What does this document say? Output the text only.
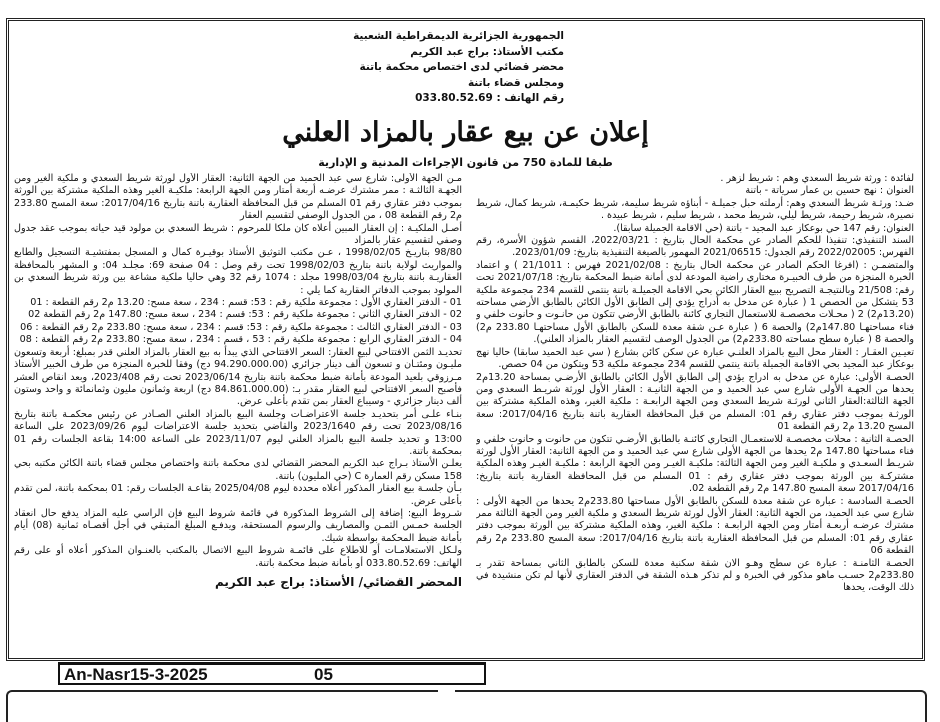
الجمهورية الجزائرية الديمقراطية الشعبية
مكتب الأستاذ: براج عبد الكريم
محضر قضائي لدى اختصاص محكمة باتنة
ومجلس قضاء باتنة
رقم الهاتف : 033.80.52.69
إعلان عن بيع عقار بالمزاد العلني
طبقا للمادة 750 من قانون الإجراءات المدنية و الإدارية

لفائدة : ورثة شريط السعدي وهم : شريط لزهر .

العنوان : نهج حسين بن عمار سرياتة - باتنة

ضـد: ورثـة شريط السعدي وهم: أرملته حبل جميلـة - أبناؤه شريط سليمة، شريط حكيمـة، شريط كمال، شريط نصيرة، شريط رحيمة، شريط ليلي، شريط محمد ، شريط سليم ، شريط عبيدة .

العنوان: رقم 147 حي بوعكاز عبد المجيد - باتنة (حي الاقامة الجميلة سابقا).

السند التنفيذي: تنفيذا للحكم الصادر عن محكمة الحال بتاريخ : 2022/03/21، القسم شؤون الأسرة، رقم الفهرس: 2022/02005 رقم الجدول: 2021/06515 المهمور بالصيغة التنفيذية بتاريخ: 2023/01/09.

والمتضمـن : (افرغا الحكم الصادر عن محكمة الحال بتاريخ : 2021/02/08 فهرس : 21/1011 ) و اعتماد الخبرة المنجزة من طرف الخبيـرة مختاري راضية المودعة لدى أمانة ضبط المحكمة بتاريخ: 2021/07/18 تحت رقم: 21/508 وبالنتيجـة التصريح ببيع العقار الكائن بحي الاقامة الجميلـة باتنة ينتمي للقسم 234 مجموعة ملكية 53 يتشكل من الحصص 1 ( عبارة عن مدخل به أدراج يؤدي إلى الطابق الأول الكائن بالطابق الأرضي مساحته (13.20م2) 2 ( محـلات مخصصـة للاستعمال التجاري كائنة بالطابق الأرضي تتكون من حانـوت و حانوت خلفي و فناء مساحتهـا 147.80م2) والحصة 6 ( عبارة عـن شقة معدة للسكن بالطابق الأول مساحتهـا 233.80 م2) والحصة 8 ( عبارة سطح مساحته 233.80م2) من الجدول الوصف لتقسيم العقار بالمزاد العلني).

تعيـين العقـار : العقار محل البيع بالمزاد العلنـي عبارة عن سكن كائن بشارع ( سي عبد الحميد سابقا) حاليا نهج بوعكاز عبد المجيد بحي الاقامة الجميلة باتنة ينتمي للقسم 234 مجموعة ملكية 53 ويتكون من 04 حصص.

الحصـة الأولى: عبارة عن مدخل به ادراج يؤدي إلى الطابق الأول الكائن بالطابق الأرضـي بمساحة 13.20م2 يحدها من الجهـة الأولى شارع سي عبد الحميد و من الجهة الثانيـة : العقار الأول لورثة شريـط السعدي ومن الجهة الثالثة:العقار الثاني لورثـة شريط السعدي ومن الجهة الرابعـة : ملكية الغير، وهذه الملكية مشتركة بين الورثـة بموجب دفتر عقاري رقم 01: المسلم من قبل المحافظة العقارية باتنة بتاريخ 2017/04/16: سعة المسح 13.20 م2 رقم القطعة 01

الحصـة الثانية : محلات مخصصـة للاستعمـال التجاري كائنـة بالطابق الأرضـي تتكون من حانوت و حانوت خلفي و فناء مساحتها 147.80 م2 يحدها من الجهة الأولى شارع سي عبد الحميد و من الجهة الثانية: العقار الأول لورثة شريـط السعـدي و ملكيـة الغير ومن الجهة الثالثة: ملكيـة الغيـر ومن الجهة الرابعة : ملكيـة الغيـر وهذه الملكية مشتركـة بين الورثة بموجب دفتر عقاري رقم : 01 المسلم من قبل المحافظة العقارية باتنة بتاريخ: 2017/04/16 سعة المسح 147.80 م2 رقم القطعة 02.

الحصـة السادسة : عبارة عن شقة معدة للسكن بالطابق الأول مساحتها 233.80م2 يحدها من الجهة الأولى : شارع سي عبد الحميد، من الجهة الثانية: العقار الأول لورثة شريط السعدي و ملكية الغير ومن الجهة الثالثة ممر مشترك عرضـه أربعـة أمتار ومن الجهة الرابعـة : ملكية الغير، وهذه الملكية مشتركة بين الورثة بموجب دفتر عقاري رقم 01: المسلم من قبل المحافظة العقارية باتنة بتاريخ 2017/04/16: سعة المسح 233.80 م2 رقم القطعة 06

الحصـة الثامنـة : عبارة عن سطح وهـو الان شقة سكنية معدة للسكن بالطابق الثاني بمساحة تقدر بـ 233.80م2 حسـب ماهو مذكور في الخبرة و لم تذكر هـذه الشقة في الدفتر العقاري لأنها لم تكن منشيدة في ذلك الوقت، يحدها

مـن الجهة الأولى: شارع سي عبد الحميد من الجهة الثانية: العقار الأول لورثة شريط السعدي و ملكية الغير ومن الجهـة الثالثـة : ممر مشترك عرضـه أربعة أمتار ومن الجهة الرابعة: ملكيـة الغير وهذه الملكية مشتركة بين الورثة بموجب دفتر عقاري رقم 01 المسلم من قبل المحافظة العقارية باتنة بتاريخ 2017/04/16: سعة المسح 233.80 م2 رقم القطعة 08 ، من الجدول الوصفي لتقسيم العقار

أصـل الملكيـة : إن العقار المبين أعلاه كان ملكا للمرحوم : شريط السعدي بن مولود قيد حياته بموجب عقد جدول وصفي لتقسيم عقار بالمزاد

98/80 بتاريـخ 1998/02/05 ، عـن مكتب التوثيق الأستاذ بوقيـرة كمال و المسجل بمفتشيـة التسجيل والطابع والمواريث لولاية باتنة بتاريخ 1998/02/03 تحت رقم وصل : 04 صفحة 69: مجلـد 04: و المشهر بالمحافظة العقاريـة باتنة بتاريخ 1998/03/04 مجلد : 1074 رقم 32 وهي حاليا ملكية مشاعة بين ورثة شريط السعدي بن المولود بموجب الدفاتر العقارية كما يلي :

01 - الدفتر العقاري الأول : مجموعة ملكية رقم : 53: قسم : 234 ، سعة مسح: 13.20 م2 رقم القطعة : 01

02 - الدفتر العقاري الثاني : مجموعة ملكية رقم : 53: قسم : 234 ، سعة مسح: 147.80 م2 رقم القطعة 02

03 - الدفتر العقاري الثالث : مجموعة ملكية رقم : 53: قسم : 234 ، سعة مسح: 233.80 م2 رقم القطعة : 06

04 - الدفتر العقاري الرابع : مجموعة ملكية رقم : 53 ، قسم : 234 ، سعة مسح: 233.80 م2 رقم القطعة : 08

تحديـد الثمن الافتتاحي لبيع العقار: السعر الافتتاحي الذي يبدأ به بيع العقار بالمزاد العلني قدر بمبلغ: أربعة وتسعون مليـون ومئتـان و تسعون ألف دينار جزائري (94.290.000.00 دج) وفقا للخبرة المنجزة من طرف الخبير الأستاذ مـرزوقي بلعيد المودعة بأمانة ضبط محكمة باتنة بتاريخ 2023/06/14 تحت رقم 2023/408، وبعد انقاص العشر فأصبح السعر الافتتاحي لبيع العقار مقدر بـ: (84.861.000.00 دج) اربعة وثمانون مليون وثمانمائة و واحد وستون ألف دينار جزائري - وسيباع العقار بمن تقدم بأعلى عرض.

بنـاء علـى أمر بتحديـد جلسة الاعتراضـات وجلسة البيع بالمزاد العلني الصـادر عن رئيس محكمـة باتنة بتاريخ 2023/08/16 تحت رقم 2023/1640 والقاضي بتحديد جلسة الاعتراضات ليوم 2023/09/26 على الساعة 13:00 و تحديد جلسة البيع بالمزاد العلني ليوم 2023/11/07 على الساعة 14:00 بقاعة الجلسات رقم 01 بمحكمة باتنة.

يعلـن الأستاذ بـراج عبد الكريم المحضر القضائي لدى محكمة باتنة واختصاص مجلس قضاء باتنة الكائن مكتبه بحي 158 مسكن رقم العمارة C (حي المليون) باتنة.

بـأن جلسـة بيع العقار المذكور أعلاه محددة ليوم 2025/04/08 بقاعـة الجلسات رقم: 01 بمحكمة باتنة، لمن تقدم بأعلى عرض.

شـروط البيع: إضافة إلى الشروط المذكورة في قائمة شروط البيع فإن الراسي عليه المزاد يدفع حال انعقاد الجلسة خمـس الثمـن والمصاريف والرسوم المستحقة، ويدفـع المبلغ المتبقي في أجل أقصـاه ثمانية (08) أيام بأمانة ضبط المحكمة بواسطة شيك.

ولـكل الاستعلامـات أو للاطلاع على قائمـة شروط البيع الاتصال بالمكتب بالعنـوان المذكور أعلاه أو على رقم الهاتف: 033.80.52.69 أو بأمانة ضبط محكمة باتنة.

المحضر القضائي/ الأستاذ: براج عبد الكريم

An-Nasr15-3-2025	05
